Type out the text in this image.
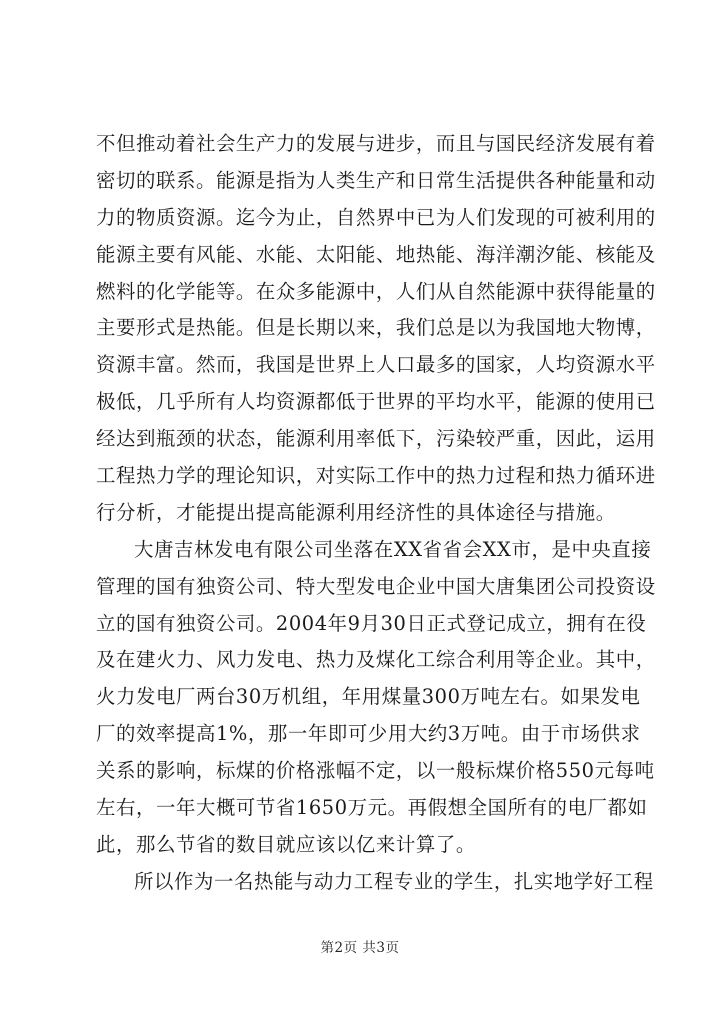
不但推动着社会生产力的发展与进步，而且与国民经济发展有着
密切的联系。能源是指为人类生产和日常生活提供各种能量和动
力的物质资源。迄今为止，自然界中已为人们发现的可被利用的
能源主要有风能、水能、太阳能、地热能、海洋潮汐能、核能及
燃料的化学能等。在众多能源中，人们从自然能源中获得能量的
主要形式是热能。但是长期以来，我们总是以为我国地大物博，
资源丰富。然而，我国是世界上人口最多的国家，人均资源水平
极低，几乎所有人均资源都低于世界的平均水平，能源的使用已
经达到瓶颈的状态，能源利用率低下，污染较严重，因此，运用
工程热力学的理论知识，对实际工作中的热力过程和热力循环进
行分析，才能提出提高能源利用经济性的具体途径与措施。
大唐吉林发电有限公司坐落在XX省省会XX市，是中央直接
管理的国有独资公司、特大型发电企业中国大唐集团公司投资设
立的国有独资公司。2004年9月30日正式登记成立，拥有在役
及在建火力、风力发电、热力及煤化工综合利用等企业。其中，
火力发电厂两台30万机组，年用煤量300万吨左右。如果发电
厂的效率提高1%，那一年即可少用大约3万吨。由于市场供求
关系的影响，标煤的价格涨幅不定，以一般标煤价格550元每吨
左右，一年大概可节省1650万元。再假想全国所有的电厂都如
此，那么节省的数目就应该以亿来计算了。
所以作为一名热能与动力工程专业的学生，扎实地学好工程
第2页 共3页
